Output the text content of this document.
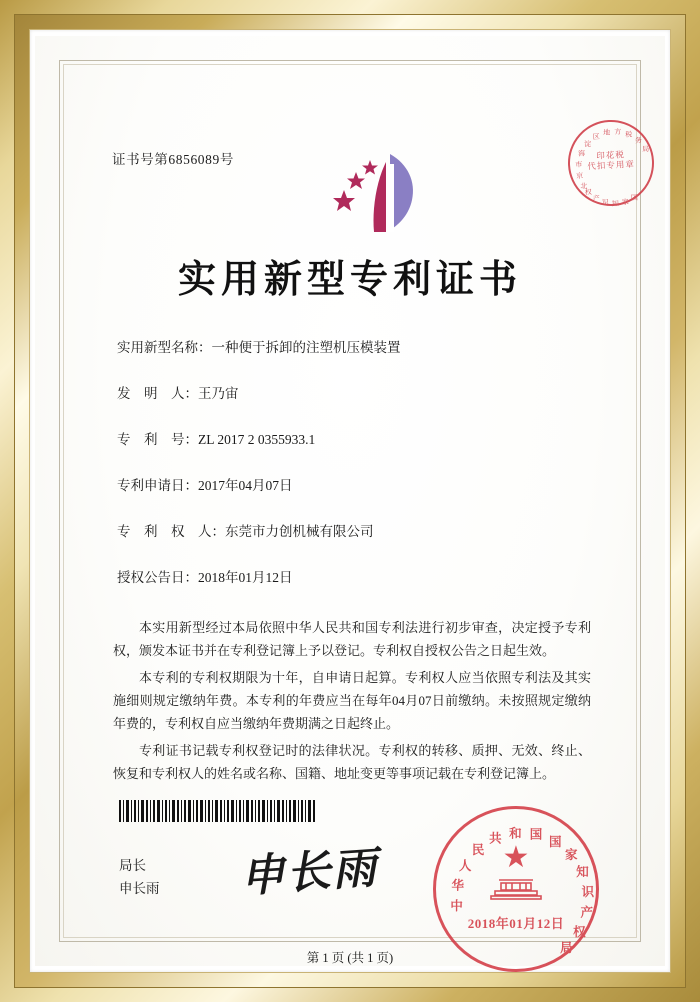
证书号第6856089号
北
京
市
海
淀
区
地 方 税
务
局
国
家
知
识
产
权
印花税
代扣专用章
实用新型专利证书
实用新型名称：一种便于拆卸的注塑机压模装置
发　明　人：王乃宙
专　利　号：ZL 2017 2 0355933.1
专利申请日：2017年04月07日
专　利　权　人：东莞市力创机械有限公司
授权公告日：2018年01月12日

本实用新型经过本局依照中华人民共和国专利法进行初步审查，决定授予专利权，颁发本证书并在专利登记簿上予以登记。专利权自授权公告之日起生效。

本专利的专利权期限为十年，自申请日起算。专利权人应当依照专利法及其实施细则规定缴纳年费。本专利的年费应当在每年04月07日前缴纳。未按照规定缴纳年费的，专利权自应当缴纳年费期满之日起终止。

专利证书记载专利权登记时的法律状况。专利权的转移、质押、无效、终止、恢复和专利权人的姓名或名称、国籍、地址变更等事项记载在专利登记簿上。

局长
申长雨 申长雨
中
华
人
民
共 和 国
国
家
知
识
产
权
局
★
2018年01月12日
第 1 页 (共 1 页)
